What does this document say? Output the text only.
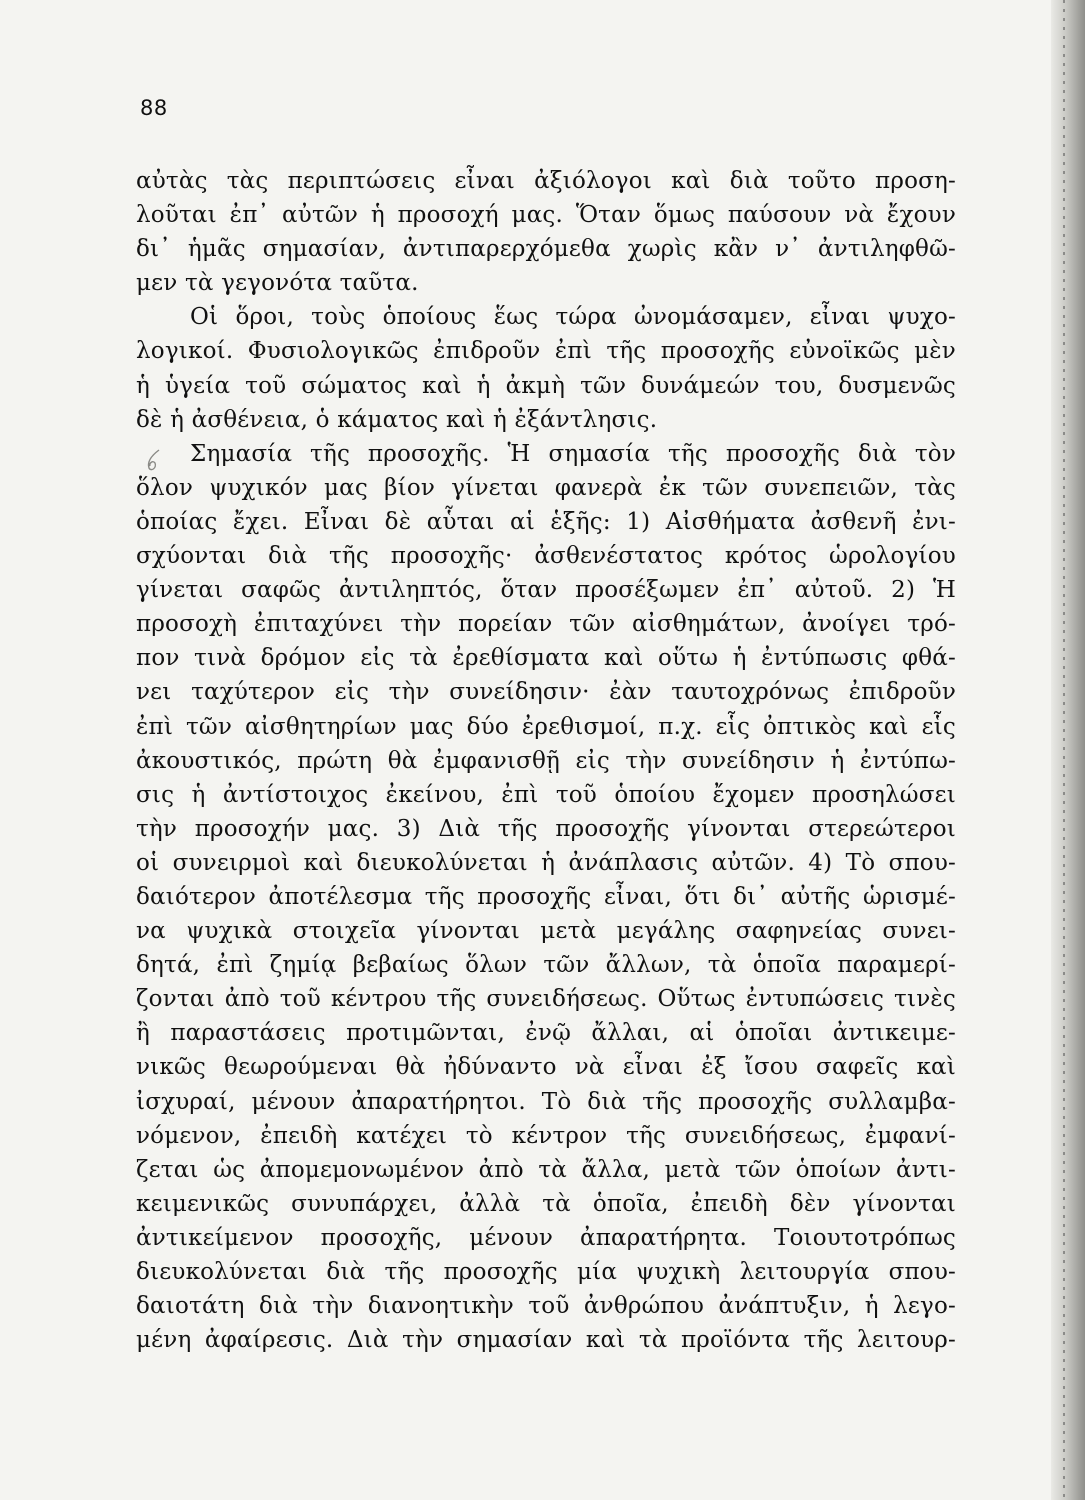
88
αὐτὰς τὰς περιπτώσεις εἶναι ἀξιόλογοι καὶ διὰ τοῦτο προση-
λοῦται ἐπ᾽ αὐτῶν ἡ προσοχή μας. Ὅταν ὅμως παύσουν νὰ ἔχουν
δι᾽ ἡμᾶς σημασίαν, ἀντιπαρερχόμεθα χωρὶς κἂν ν᾽ ἀντιληφθῶ-
μεν τὰ γεγονότα ταῦτα.
Οἱ ὅροι, τοὺς ὁποίους ἕως τώρα ὠνομάσαμεν, εἶναι ψυχο-
λογικοί. Φυσιολογικῶς ἐπιδροῦν ἐπὶ τῆς προσοχῆς εὐνοϊκῶς μὲν
ἡ ὑγεία τοῦ σώματος καὶ ἡ ἀκμὴ τῶν δυνάμεών του, δυσμενῶς
δὲ ἡ ἀσθένεια, ὁ κάματος καὶ ἡ ἐξάντλησις.
Σημασία τῆς προσοχῆς. Ἡ σημασία τῆς προσοχῆς διὰ τὸν
ὅλον ψυχικόν μας βίον γίνεται φανερὰ ἐκ τῶν συνεπειῶν, τὰς
ὁποίας ἔχει. Εἶναι δὲ αὗται αἱ ἑξῆς: 1) Αἰσθήματα ἀσθενῆ ἐνι-
σχύονται διὰ τῆς προσοχῆς· ἀσθενέστατος κρότος ὡρολογίου
γίνεται σαφῶς ἀντιληπτός, ὅταν προσέξωμεν ἐπ᾽ αὐτοῦ. 2) Ἡ
προσοχὴ ἐπιταχύνει τὴν πορείαν τῶν αἰσθημάτων, ἀνοίγει τρό-
πον τινὰ δρόμον εἰς τὰ ἐρεθίσματα καὶ οὕτω ἡ ἐντύπωσις φθά-
νει ταχύτερον εἰς τὴν συνείδησιν· ἐὰν ταυτοχρόνως ἐπιδροῦν
ἐπὶ τῶν αἰσθητηρίων μας δύο ἐρεθισμοί, π.χ. εἷς ὀπτικὸς καὶ εἷς
ἀκουστικός, πρώτη θὰ ἐμφανισθῇ εἰς τὴν συνείδησιν ἡ ἐντύπω-
σις ἡ ἀντίστοιχος ἐκείνου, ἐπὶ τοῦ ὁποίου ἔχομεν προσηλώσει
τὴν προσοχήν μας. 3) Διὰ τῆς προσοχῆς γίνονται στερεώτεροι
οἱ συνειρμοὶ καὶ διευκολύνεται ἡ ἀνάπλασις αὐτῶν. 4) Τὸ σπου-
δαιότερον ἀποτέλεσμα τῆς προσοχῆς εἶναι, ὅτι δι᾽ αὐτῆς ὡρισμέ-
να ψυχικὰ στοιχεῖα γίνονται μετὰ μεγάλης σαφηνείας συνει-
δητά, ἐπὶ ζημίᾳ βεβαίως ὅλων τῶν ἄλλων, τὰ ὁποῖα παραμερί-
ζονται ἀπὸ τοῦ κέντρου τῆς συνειδήσεως. Οὕτως ἐντυπώσεις τινὲς
ἢ παραστάσεις προτιμῶνται, ἐνῷ ἄλλαι, αἱ ὁποῖαι ἀντικειμε-
νικῶς θεωρούμεναι θὰ ἠδύναντο νὰ εἶναι ἐξ ἴσου σαφεῖς καὶ
ἰσχυραί, μένουν ἀπαρατήρητοι. Τὸ διὰ τῆς προσοχῆς συλλαμβα-
νόμενον, ἐπειδὴ κατέχει τὸ κέντρον τῆς συνειδήσεως, ἐμφανί-
ζεται ὡς ἀπομεμονωμένον ἀπὸ τὰ ἄλλα, μετὰ τῶν ὁποίων ἀντι-
κειμενικῶς συνυπάρχει, ἀλλὰ τὰ ὁποῖα, ἐπειδὴ δὲν γίνονται
ἀντικείμενον προσοχῆς, μένουν ἀπαρατήρητα. Τοιουτοτρόπως
διευκολύνεται διὰ τῆς προσοχῆς μία ψυχικὴ λειτουργία σπου-
δαιοτάτη διὰ τὴν διανοητικὴν τοῦ ἀνθρώπου ἀνάπτυξιν, ἡ λεγο-
μένη ἀφαίρεσις. Διὰ τὴν σημασίαν καὶ τὰ προϊόντα τῆς λειτουρ-
